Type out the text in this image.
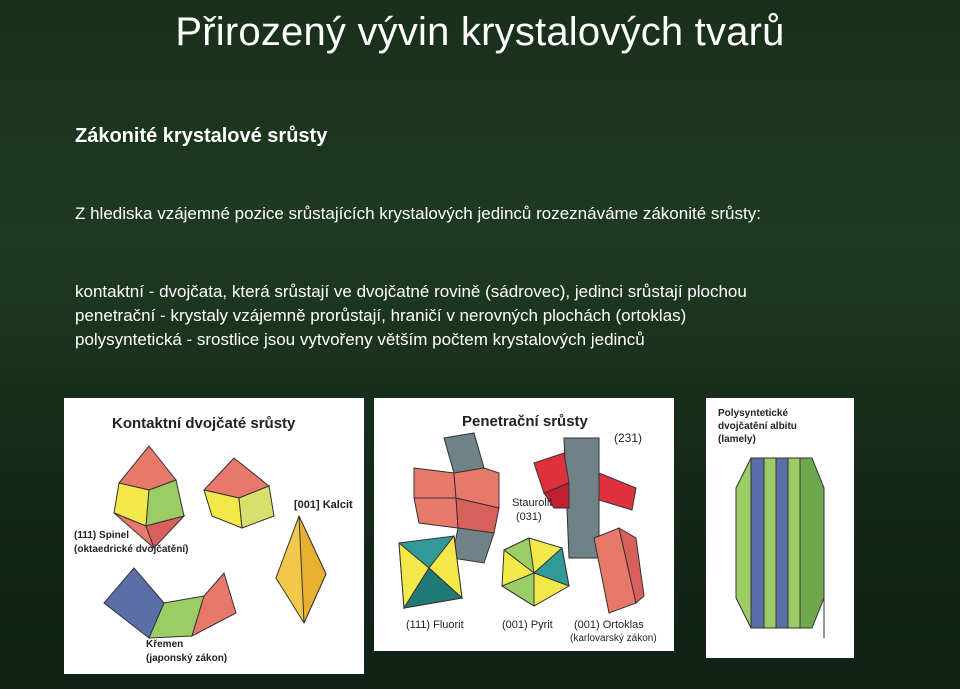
Přirozený vývin krystalových tvarů
Zákonité krystalové srůsty
Z hlediska vzájemné pozice srůstajících krystalových jedinců rozeznáváme zákonité srůsty:
kontaktní - dvojčata, která srůstají ve dvojčatné rovině (sádrovec), jedinci srůstají plochou
penetrační - krystaly vzájemně prorůstají, hraničí v nerovných plochách (ortoklas)
polysyntetická - srostlice jsou vytvořeny větším počtem krystalových jedinců
Kontaktní dvojčaté srůsty
[001] Kalcit
(111) Spinel
(oktaedrické dvojčatění)
Křemen
(japonský zákon)
Penetrační srůsty
(231)
Staurolit
(031)
(111) Fluorit	(001) Pyrit (001) Ortoklas
(karlovarský zákon)
Polysyntetické
dvojčatění albitu
(lamely)
